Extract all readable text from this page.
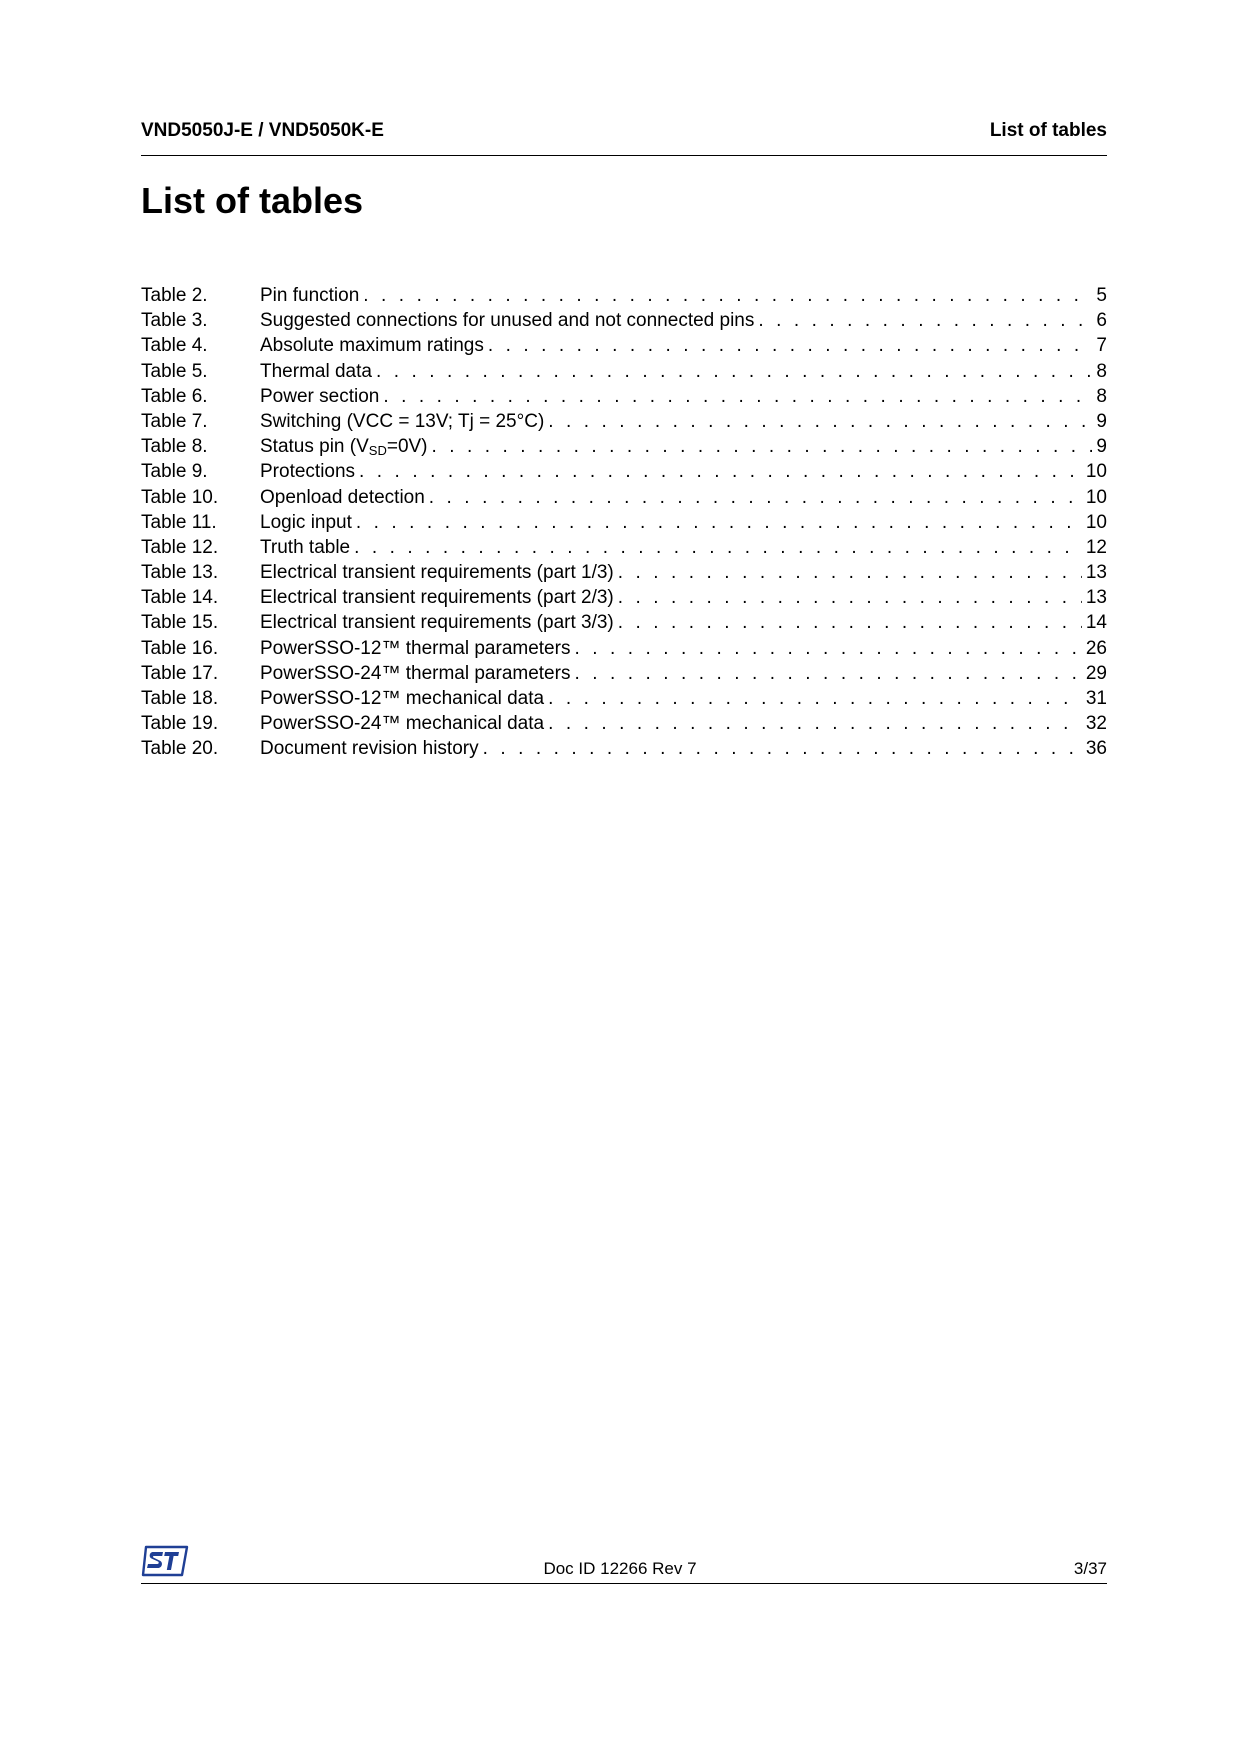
VND5050J-E / VND5050K-E	List of tables
List of tables
Table 2.	Pin function . . .	5
Table 3.	Suggested connections for unused and not connected pins . . .	6
Table 4.	Absolute maximum ratings . . .	7
Table 5.	Thermal data . . .	8
Table 6.	Power section . . .	8
Table 7.	Switching (VCC = 13V; Tj = 25°C) . . .	9
Table 8.	Status pin $(V_{SD}=0V)$ . . .	9
Table 9.	Protections . . .	10
Table 10.	Openload detection . . .	10
Table 11.	Logic input . . .	10
Table 12.	Truth table . . .	12
Table 13.	Electrical transient requirements (part 1/3) . . .	13
Table 14.	Electrical transient requirements (part 2/3) . . .	13
Table 15.	Electrical transient requirements (part 3/3) . . .	14
Table 16.	PowerSSO-12™ thermal parameters . . .	26
Table 17.	PowerSSO-24™ thermal parameters . . .	29
Table 18.	PowerSSO-12™ mechanical data . . .	31
Table 19.	PowerSSO-24™ mechanical data . . .	32
Table 20.	Document revision history . . .	36
Doc ID 12266 Rev 7	3/37
